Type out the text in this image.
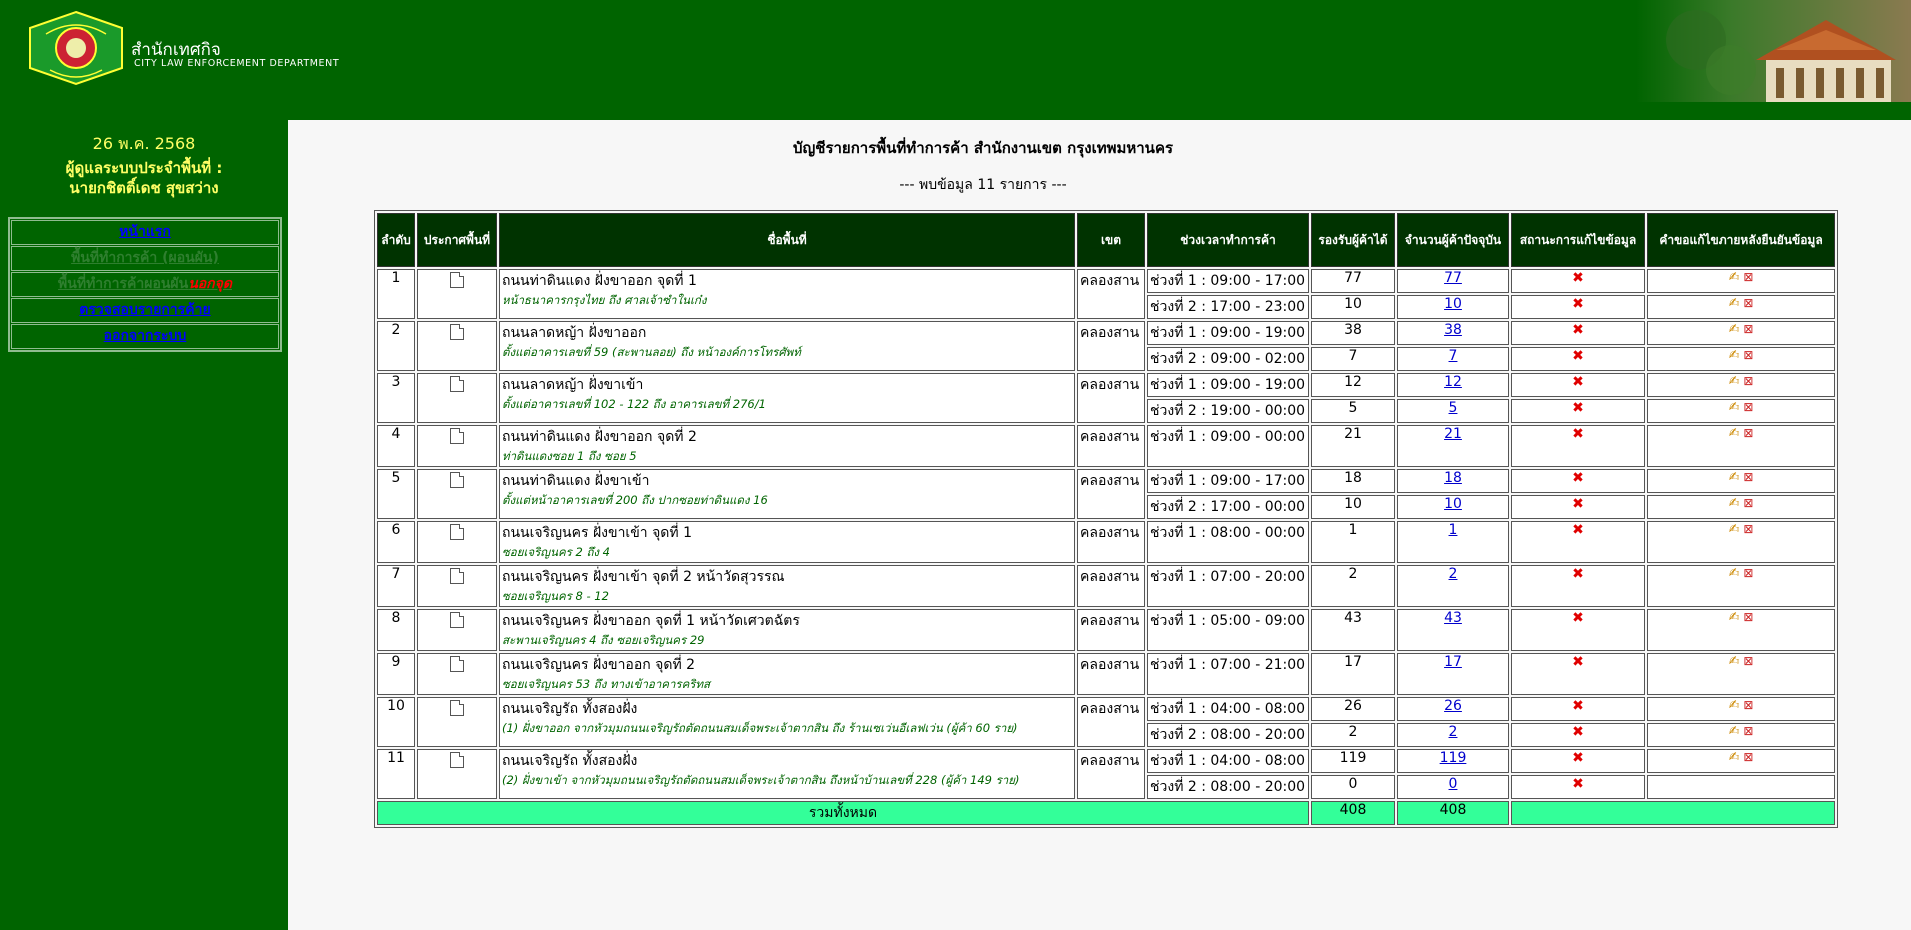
สำนักเทศกิจ
CITY LAW ENFORCEMENT DEPARTMENT
26 พ.ค. 2568
ผู้ดูแลระบบประจำพื้นที่ :
นายกชิตติ์เดช สุขสว่าง
หน้าแรก
พื้นที่ทำการค้า (ผอนผัน)
พื้นที่ทำการค้าผอนผันนอกจุด
ตรวจสอบรายการค้าย
ออกจากระบบ
บัญชีรายการพื้นที่ทำการค้า สำนักงานเขต กรุงเทพมหานคร
--- พบข้อมูล 11 รายการ ---
ลำดับ	ประกาศพื้นที่	ชื่อพื้นที่	เขต	ช่วงเวลาทำการค้า	รองรับผู้ค้าได้	จำนวนผู้ค้าปัจจุบัน	สถานะการแก้ไขข้อมูล	คำขอแก้ไขภายหลังยืนยันข้อมูล
1		ถนนท่าดินแดง ฝั่งขาออก จุดที่ 1
หน้าธนาคารกรุงไทย ถึง ศาลเจ้าซำในเก๋ง	คลองสาน	ช่วงที่ 1 : 09:00 - 17:00	77	77	✖	✍ ⊠
				ช่วงที่ 2 : 17:00 - 23:00	10	10	✖	✍ ⊠
2		ถนนลาดหญ้า ฝั่งขาออก
ตั้งแต่อาคารเลขที่ 59 (สะพานลอย) ถึง หน้าองค์การโทรศัพท์	คลองสาน	ช่วงที่ 1 : 09:00 - 19:00	38	38	✖	✍ ⊠
				ช่วงที่ 2 : 09:00 - 02:00	7	7	✖	✍ ⊠
3		ถนนลาดหญ้า ฝั่งขาเข้า
ตั้งแต่อาคารเลขที่ 102 - 122 ถึง อาคารเลขที่ 276/1	คลองสาน	ช่วงที่ 1 : 09:00 - 19:00	12	12	✖	✍ ⊠
				ช่วงที่ 2 : 19:00 - 00:00	5	5	✖	✍ ⊠
4		ถนนท่าดินแดง ฝั่งขาออก จุดที่ 2
ท่าดินแดงซอย 1 ถึง ซอย 5	คลองสาน	ช่วงที่ 1 : 09:00 - 00:00	21	21	✖	✍ ⊠
5		ถนนท่าดินแดง ฝั่งขาเข้า
ตั้งแต่หน้าอาคารเลขที่ 200 ถึง ปากซอยท่าดินแดง 16	คลองสาน	ช่วงที่ 1 : 09:00 - 17:00	18	18	✖	✍ ⊠
				ช่วงที่ 2 : 17:00 - 00:00	10	10	✖	✍ ⊠
6		ถนนเจริญนคร ฝั่งขาเข้า จุดที่ 1
ซอยเจริญนคร 2 ถึง 4	คลองสาน	ช่วงที่ 1 : 08:00 - 00:00	1	1	✖	✍ ⊠
7		ถนนเจริญนคร ฝั่งขาเข้า จุดที่ 2 หน้าวัดสุวรรณ
ซอยเจริญนคร 8 - 12	คลองสาน	ช่วงที่ 1 : 07:00 - 20:00	2	2	✖	✍ ⊠
8		ถนนเจริญนคร ฝั่งขาออก จุดที่ 1 หน้าวัดเศวตฉัตร
สะพานเจริญนคร 4 ถึง ซอยเจริญนคร 29	คลองสาน	ช่วงที่ 1 : 05:00 - 09:00	43	43	✖	✍ ⊠
9		ถนนเจริญนคร ฝั่งขาออก จุดที่ 2
ซอยเจริญนคร 53 ถึง ทางเข้าอาคารคริทส	คลองสาน	ช่วงที่ 1 : 07:00 - 21:00	17	17	✖	✍ ⊠
10		ถนนเจริญรัถ ทั้งสองฝั่ง
(1) ฝั่งขาออก จากหัวมุมถนนเจริญรัถตัดถนนสมเด็จพระเจ้าตากสิน ถึง ร้านเซเว่นอีเลฟเว่น (ผู้ค้า 60 ราย)	คลองสาน	ช่วงที่ 1 : 04:00 - 08:00	26	26	✖	✍ ⊠
				ช่วงที่ 2 : 08:00 - 20:00	2	2	✖	✍ ⊠
11		ถนนเจริญรัถ ทั้งสองฝั่ง
(2) ฝั่งขาเข้า จากหัวมุมถนนเจริญรัถตัดถนนสมเด็จพระเจ้าตากสิน ถึงหน้าบ้านเลขที่ 228 (ผู้ค้า 149 ราย)	คลองสาน	ช่วงที่ 1 : 04:00 - 08:00	119	119	✖	✍ ⊠
				ช่วงที่ 2 : 08:00 - 20:00	0	0	✖	
รวมทั้งหมด					408	408		
